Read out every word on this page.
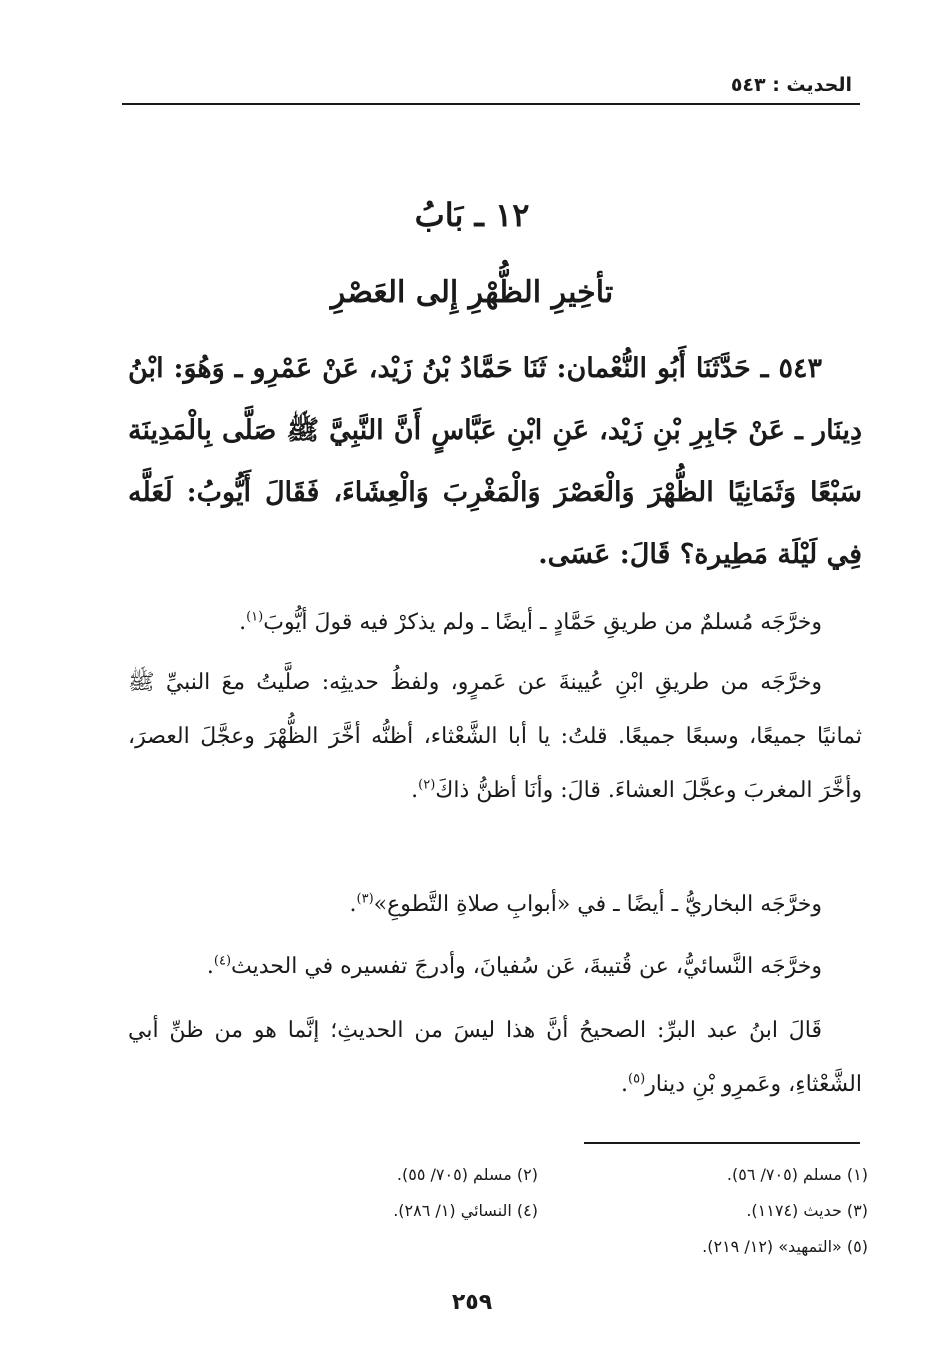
الحديث : ٥٤٣
١٢ ـ بَابُ
تأخِيرِ الظُّهْرِ إِلى العَصْرِ

٥٤٣ ـ حَدَّثَنَا أَبُو النُّعْمان: ثَنَا حَمَّادُ بْنُ زَيْد، عَنْ عَمْرِو ـ وَهُوَ: ابْنُ دِينَار ـ عَنْ جَابِرِ بْنِ زَيْد، عَنِ ابْنِ عَبَّاسٍ أَنَّ النَّبِيَّ ﷺ صَلَّى بِالْمَدِينَة سَبْعًا وَثَمَانِيًا الظُّهْرَ وَالْعَصْرَ وَالْمَغْرِبَ وَالْعِشَاءَ، فَقَالَ أَيُّوبُ: لَعَلَّه فِي لَيْلَة مَطِيرة؟ قَالَ: عَسَى.

وخرَّجَه مُسلمٌ من طريقِ حَمَّادٍ ـ أيضًا ـ ولم يذكرْ فيه قولَ أيُّوبَ$^{(١)}$.

وخرَّجَه من طريقِ ابْنِ عُيينةَ عن عَمرٍو، ولفظُ حديثِه: صلَّيتُ معَ النبيِّ ﷺ ثمانيًا جميعًا، وسبعًا جميعًا. قلتُ: يا أبا الشَّعْثاء، أظنُّه أخَّرَ الظُّهْرَ وعجَّلَ العصرَ، وأخَّرَ المغربَ وعجَّلَ العشاءَ. قالَ: وأنَا أظنُّ ذاكَ$^{(٢)}$.

وخرَّجَه البخاريُّ ـ أيضًا ـ في «أبوابِ صلاةِ التَّطوعِ»$^{(٣)}$.

وخرَّجَه النَّسائيُّ، عن قُتيبةَ، عَن سُفيانَ، وأدرجَ تفسيره في الحديث$^{(٤)}$.

قَالَ ابنُ عبد البرِّ: الصحيحُ أنَّ هذا ليسَ من الحديثِ؛ إنَّما هو من ظنِّ أبي الشَّعْثاءِ، وعَمرِو بْنِ دينار$^{(٥)}$.

(١) مسلم (٧٠٥/ ٥٦).
(٢) مسلم (٧٠٥/ ٥٥).
(٣) حديث (١١٧٤).
(٤) النسائي (١/ ٢٨٦).
(٥) «التمهيد» (١٢/ ٢١٩).
٢٥٩
